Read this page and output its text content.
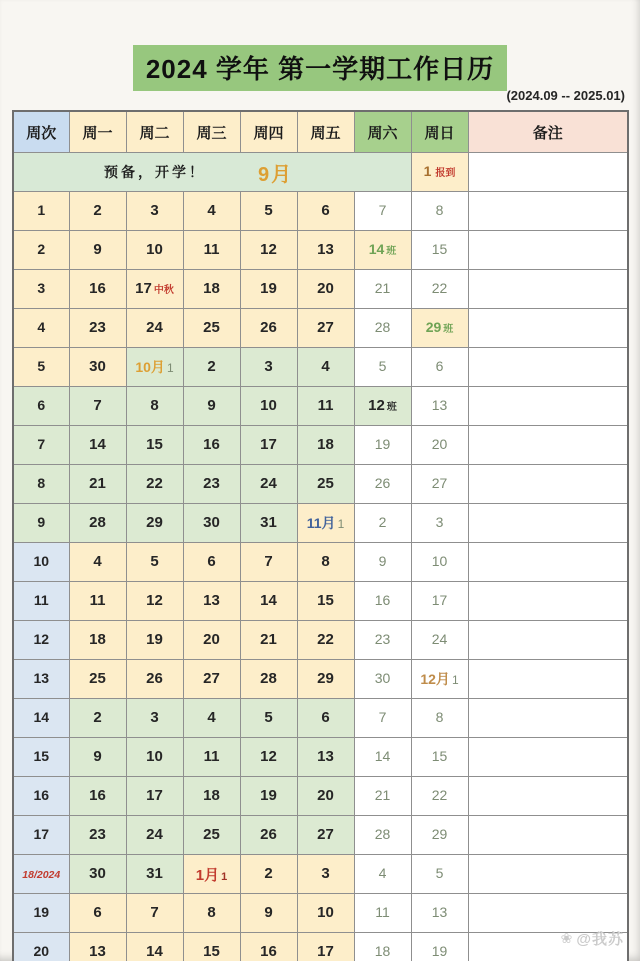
2024 学年 第一学期工作日历
(2024.09 -- 2025.01)
周次	周一	周二	周三	周四	周五	周六	周日	备注

预备，开学！ 9月							1 报到	
1	2	3	4	5	6	7	8	
2	9	10	11	12	13	14 班	15	
3	16	17 中秋	18	19	20	21	22	
4	23	24	25	26	27	28	29 班	
5	30	10月 1	2	3	4	5	6	
6	7	8	9	10	11	12 班	13	
7	14	15	16	17	18	19	20	
8	21	22	23	24	25	26	27	
9	28	29	30	31	11月 1	2	3	
10	4	5	6	7	8	9	10	
11	11	12	13	14	15	16	17	
12	18	19	20	21	22	23	24	
13	25	26	27	28	29	30	12月 1	
14	2	3	4	5	6	7	8	
15	9	10	11	12	13	14	15	
16	16	17	18	19	20	21	22	
17	23	24	25	26	27	28	29	
18/2024	30	31	1月 1	2	3	4	5	
19	6	7	8	9	10	11	13	
20	13	14	15	16	17	18	19	
❀ @我苏
